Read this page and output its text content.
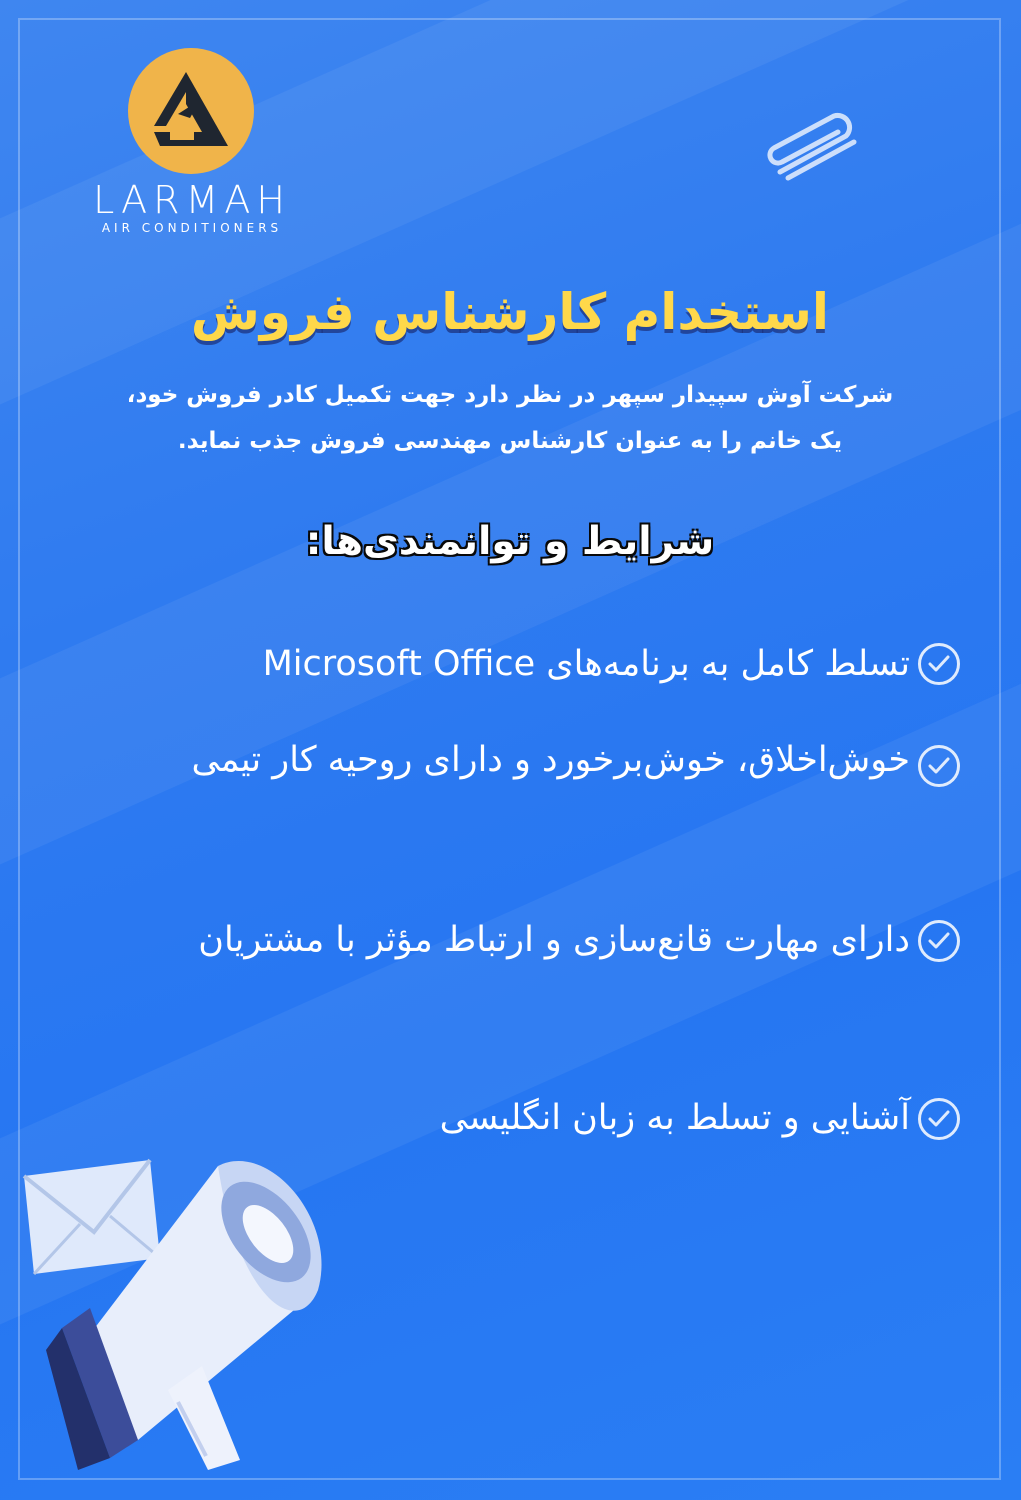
LARMAH
AIR CONDITIONERS
استخدام کارشناس فروش
شرکت آوش سپیدار سپهر در نظر دارد جهت تکمیل کادر فروش خود،
یک خانم را به عنوان کارشناس مهندسی فروش جذب نماید.
شرایط و توانمندی‌ها:
تسلط کامل به برنامه‌های Microsoft Office
خوش‌اخلاق، خوش‌برخورد و دارای روحیه کار تیمی
دارای مهارت قانع‌سازی و ارتباط مؤثر با مشتریان
آشنایی و تسلط به زبان انگلیسی
